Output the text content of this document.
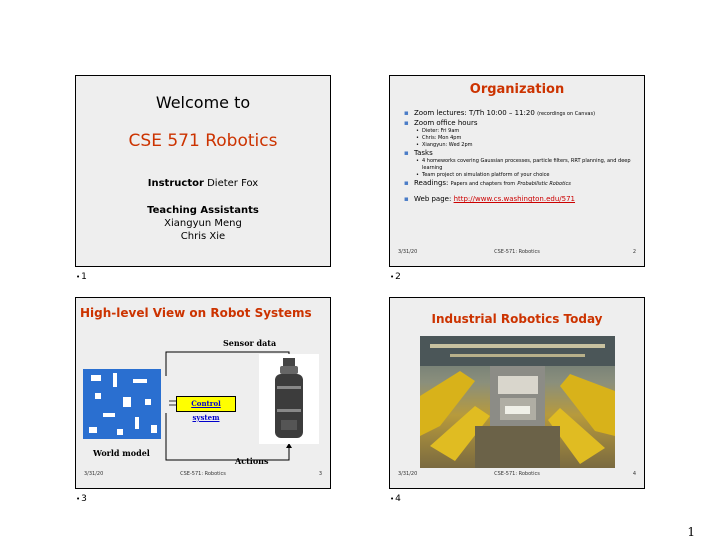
Welcome to
CSE 571 Robotics
Instructor Dieter Fox
Teaching Assistants
Xiangyun Meng
Chris Xie
•1
Organization
▪ Zoom lectures: T/Th 10:00 – 11:20 (recordings on Canvas)
▪ Zoom office hours
• Dieter: Fri 9am
• Chris: Mon 4pm
• Xiangyun: Wed 2pm
▪ Tasks
• 4 homeworks covering Gaussian processes, particle filters, RRT planning, and deep learning
• Team project on simulation platform of your choice
▪ Readings: Papers and chapters from Probabilistic Robotics
▪ Web page: http://www.cs.washington.edu/571
3/31/20	CSE-571: Robotics	2
•2
High-level View on Robot Systems
Sensor data
Control system
World model
Actions
3/31/20	CSE-571: Robotics	3
•3
Industrial Robotics Today
3/31/20	CSE-571: Robotics	4
•4
1
